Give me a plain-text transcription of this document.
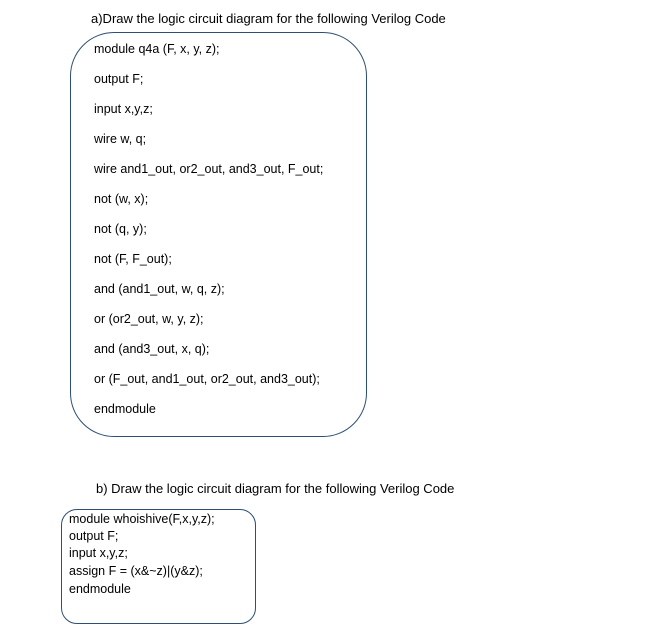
a)Draw the logic circuit diagram for the following Verilog Code
module q4a (F, x, y, z);
output F;
input x,y,z;
wire w, q;
wire and1_out, or2_out, and3_out, F_out;
not (w, x);
not (q, y);
not (F, F_out);
and (and1_out, w, q, z);
or (or2_out, w, y, z);
and (and3_out, x, q);
or (F_out, and1_out, or2_out, and3_out);
endmodule
b) Draw the logic circuit diagram for the following Verilog Code
module whoishive(F,x,y,z);
output F;
input x,y,z;
assign F = (x&~z)|(y&z);
endmodule
